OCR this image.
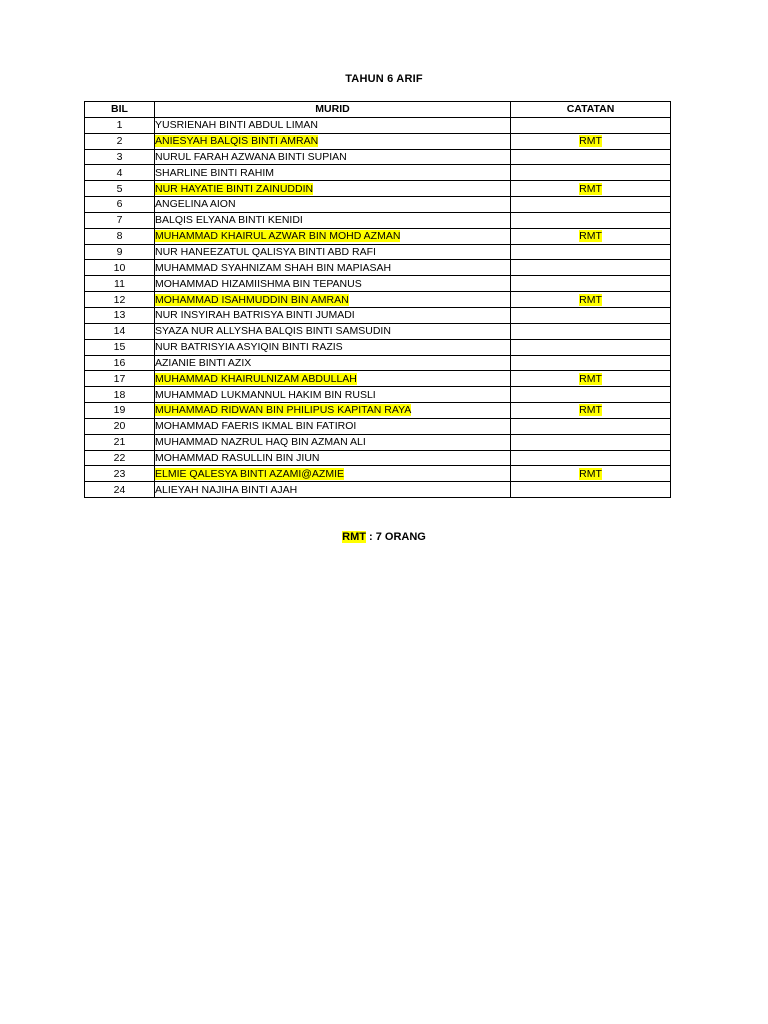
TAHUN 6 ARIF
BIL	MURID	CATATAN
1	YUSRIENAH BINTI ABDUL LIMAN	
2	ANIESYAH BALQIS BINTI AMRAN	RMT
3	NURUL FARAH AZWANA BINTI SUPIAN	
4	SHARLINE BINTI RAHIM	
5	NUR HAYATIE BINTI ZAINUDDIN	RMT
6	ANGELINA AION	
7	BALQIS ELYANA BINTI KENIDI	
8	MUHAMMAD KHAIRUL AZWAR BIN MOHD AZMAN	RMT
9	NUR HANEEZATUL QALISYA BINTI ABD RAFI	
10	MUHAMMAD SYAHNIZAM SHAH BIN MAPIASAH	
11	MOHAMMAD HIZAMIISHMA BIN TEPANUS	
12	MOHAMMAD ISAHMUDDIN BIN AMRAN	RMT
13	NUR INSYIRAH BATRISYA BINTI JUMADI	
14	SYAZA NUR ALLYSHA BALQIS BINTI SAMSUDIN	
15	NUR BATRISYIA ASYIQIN BINTI RAZIS	
16	AZIANIE BINTI AZIX	
17	MUHAMMAD KHAIRULNIZAM ABDULLAH	RMT
18	MUHAMMAD LUKMANNUL HAKIM BIN RUSLI	
19	MUHAMMAD RIDWAN BIN PHILIPUS KAPITAN RAYA	RMT
20	MOHAMMAD FAERIS IKMAL BIN FATIROI	
21	MUHAMMAD NAZRUL HAQ BIN AZMAN ALI	
22	MOHAMMAD RASULLIN BIN JIUN	
23	ELMIE QALESYA BINTI AZAMI@AZMIE	RMT
24	ALIEYAH NAJIHA BINTI AJAH	
RMT : 7 ORANG
